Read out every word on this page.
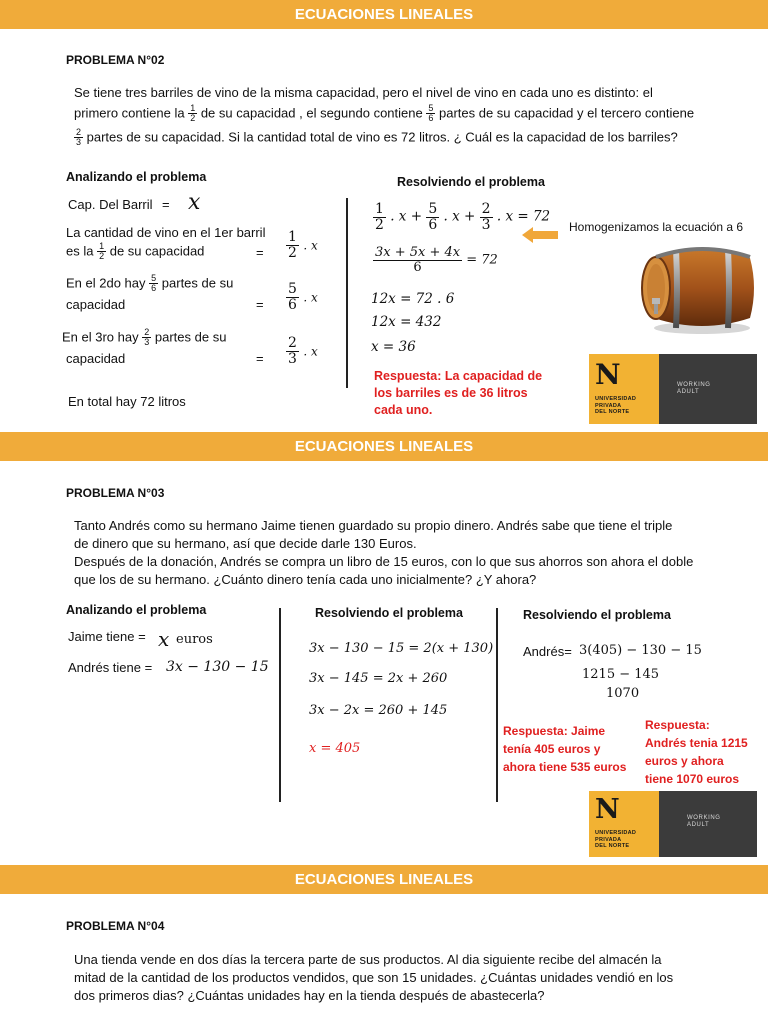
ECUACIONES LINEALES
PROBLEMA N°02
Se tiene tres barriles de vino de la misma capacidad, pero el nivel de vino en cada uno es distinto: el
primero contiene la $\frac{1}{2}$ de su capacidad , el segundo contiene $\frac{5}{6}$ partes de su capacidad y el tercero contiene
$\frac{2}{3}$ partes de su capacidad. Si la cantidad total de vino es 72 litros. ¿ Cuál es la capacidad de los barriles?
Analizando el problema
Cap. Del Barril = x
La cantidad de vino en el 1er barril
es la $\frac{1}{2}$ de su capacidad	= $\frac{1}{2}$ . x
En el 2do hay $\frac{5}{6}$ partes de su
capacidad	= $\frac{5}{6}$ . x
En el 3ro hay $\frac{2}{3}$ partes de su
capacidad	= $\frac{2}{3}$ . x
En total hay 72 litros
Resolviendo el problema
$\frac{1}{2}$ . $x + \frac{5}{6}$ . $x + \frac{2}{3}$ . x = 72
$\frac{3x + 5x + 4x}{6} = 72$
12x = 72 . 6
12x = 432
x = 36
Respuesta: La capacidad de
los barriles es de 36 litros
cada uno.
Homogenizamos la ecuación a 6
N
UNIVERSIDAD
PRIVADA
DEL NORTE
WORKING
ADULT
ECUACIONES LINEALES
PROBLEMA N°03
Tanto Andrés como su hermano Jaime tienen guardado su propio dinero. Andrés sabe que tiene el triple
de dinero que su hermano, así que decide darle 130 Euros.
Después de la donación, Andrés se compra un libro de 15 euros, con lo que sus ahorros son ahora el doble
que los de su hermano. ¿Cuánto dinero tenía cada uno inicialmente? ¿Y ahora?
Analizando el problema
Jaime tiene = x euros
Andrés tiene = 3x − 130 − 15
Resolviendo el problema
3x − 130 − 15 = 2(x + 130)
3x − 145 = 2x + 260
3x − 2x = 260 + 145
x = 405
Resolviendo el problema
Andrés= 3(405) − 130 − 15
1215 − 145
1070
Respuesta: Jaime
tenía 405 euros y
ahora tiene 535 euros
Respuesta:
Andrés tenia 1215
euros y ahora
tiene 1070 euros
N
UNIVERSIDAD
PRIVADA
DEL NORTE
WORKING
ADULT
ECUACIONES LINEALES
PROBLEMA N°04
Una tienda vende en dos días la tercera parte de sus productos. Al dia siguiente recibe del almacén la
mitad de la cantidad de los productos vendidos, que son 15 unidades. ¿Cuántas unidades vendió en los
dos primeros dias? ¿Cuántas unidades hay en la tienda después de abastecerla?
